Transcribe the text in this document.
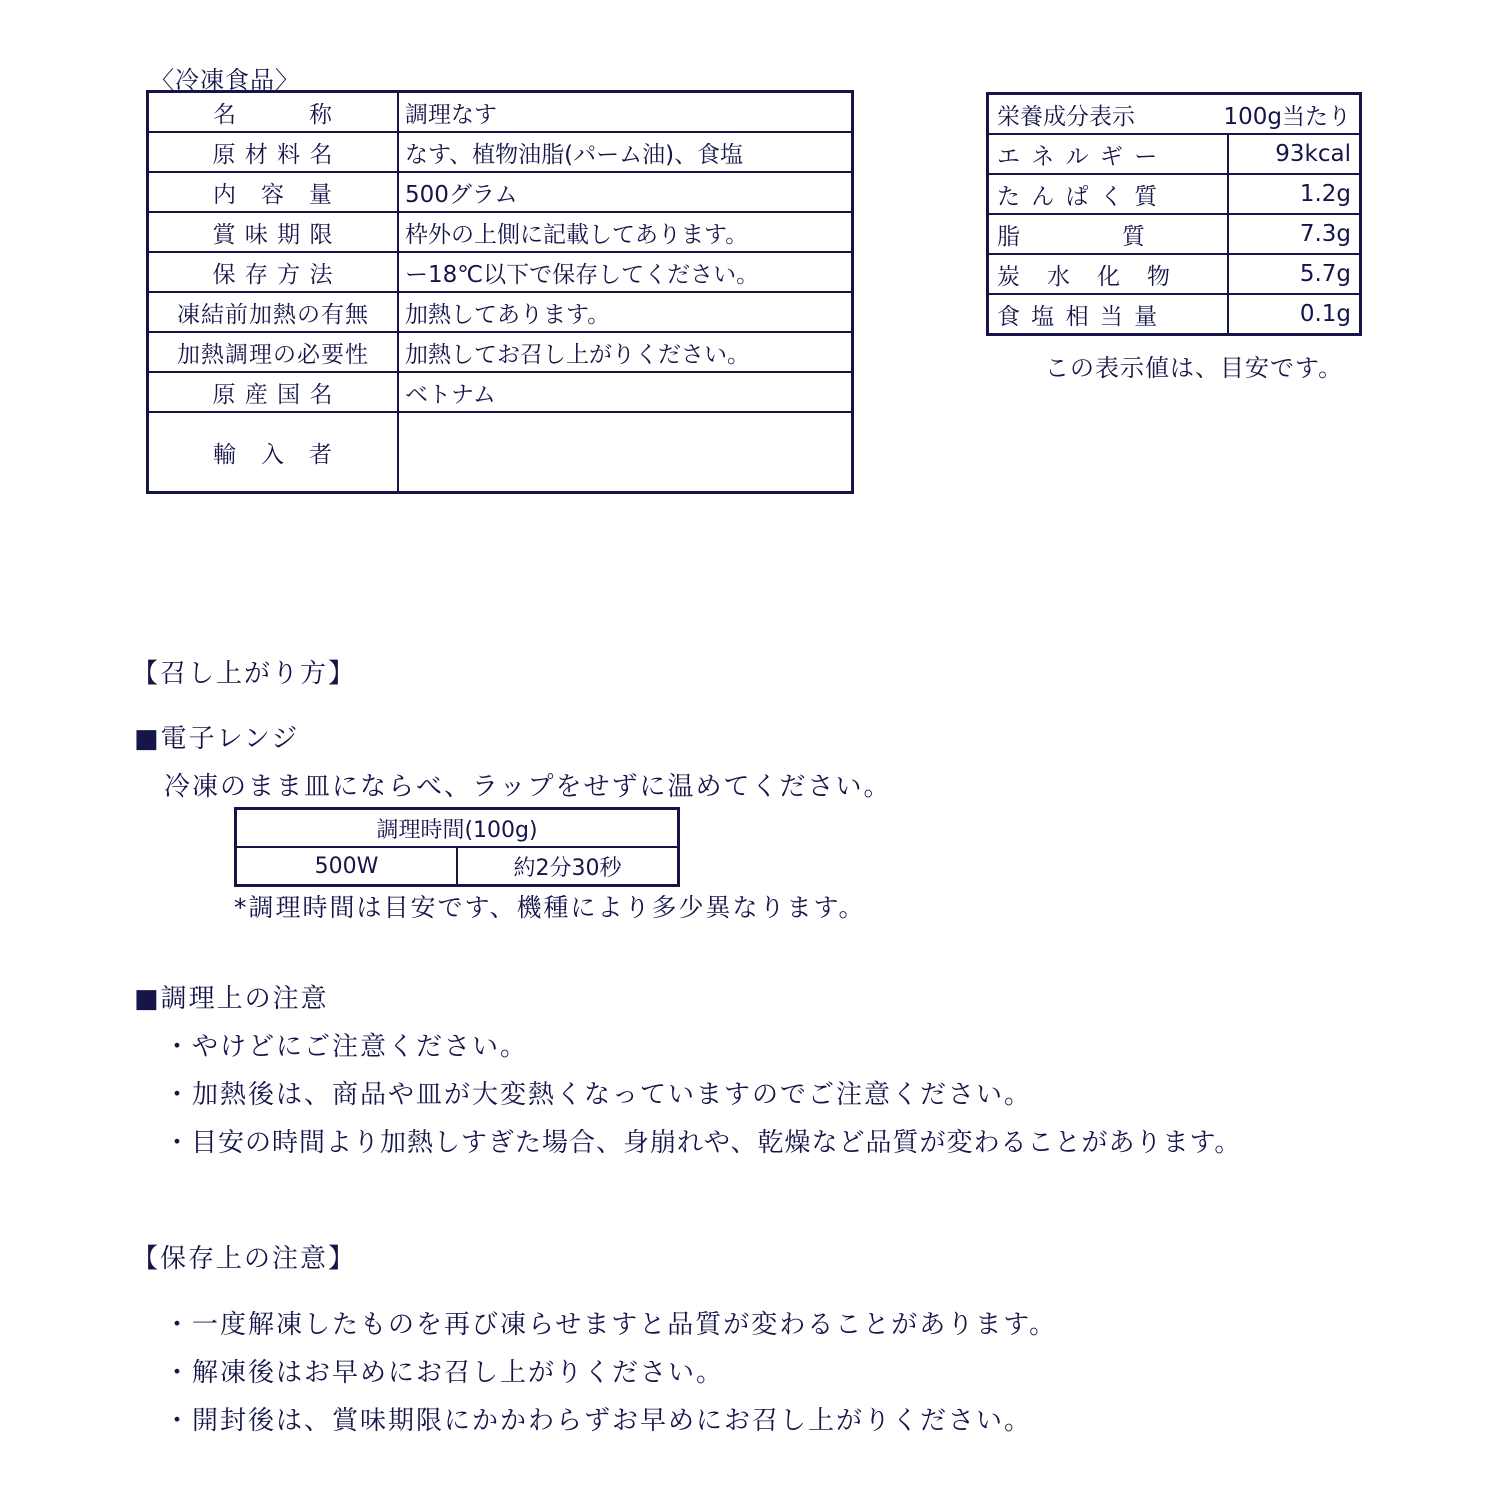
〈冷凍食品〉
名　　　称	調理なす
原 材 料 名	なす、植物油脂(パーム油)、食塩
内　容　量	500グラム
賞 味 期 限	枠外の上側に記載してあります。
保 存 方 法	ー18℃以下で保存してください。
凍結前加熱の有無	加熱してあります。
加熱調理の必要性	加熱してお召し上がりください。
原 産 国 名	ベトナム
輸　入　者	
栄養成分表示 100g当たり	

エ ネ ル ギ ー	93kcal
た ん ぱ く 質	1.2g
脂　　　　質	7.3g
炭　水　化　物	5.7g
食 塩 相 当 量	0.1g
この表示値は、目安です。
【召し上がり方】
■電子レンジ
冷凍のまま皿にならべ、ラップをせずに温めてください。
調理時間(100g)
500W	約2分30秒
*調理時間は目安です、機種により多少異なります。
■調理上の注意
・やけどにご注意ください。
・加熱後は、商品や皿が大変熱くなっていますのでご注意ください。
・目安の時間より加熱しすぎた場合、身崩れや、乾燥など品質が変わることがあります。
【保存上の注意】
・一度解凍したものを再び凍らせますと品質が変わることがあります。
・解凍後はお早めにお召し上がりください。
・開封後は、賞味期限にかかわらずお早めにお召し上がりください。
